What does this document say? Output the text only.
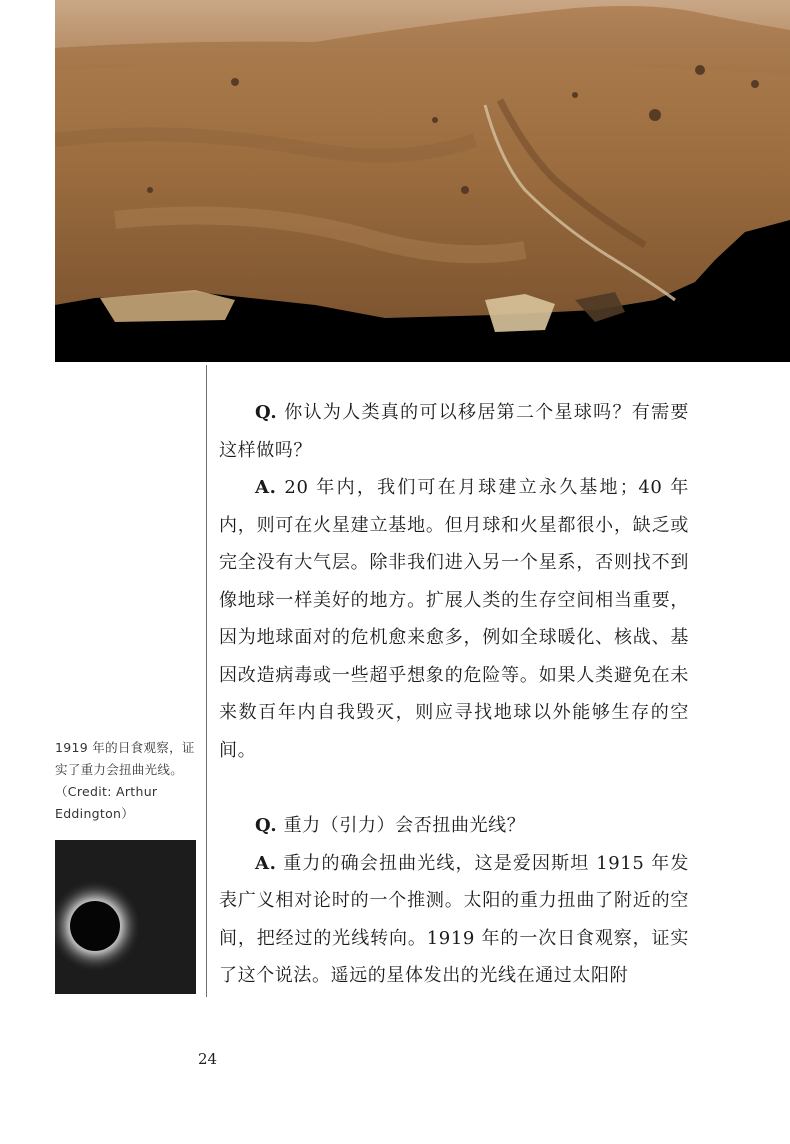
1919 年的日食观察，证实了重力会扭曲光线。（Credit: Arthur Eddington）

Q. 你认为人类真的可以移居第二个星球吗？有需要这样做吗？

A. 20 年内，我们可在月球建立永久基地；40 年内，则可在火星建立基地。但月球和火星都很小，缺乏或完全没有大气层。除非我们进入另一个星系，否则找不到像地球一样美好的地方。扩展人类的生存空间相当重要，因为地球面对的危机愈来愈多，例如全球暖化、核战、基因改造病毒或一些超乎想象的危险等。如果人类避免在未来数百年内自我毁灭，则应寻找地球以外能够生存的空间。

Q. 重力（引力）会否扭曲光线？

A. 重力的确会扭曲光线，这是爱因斯坦 1915 年发表广义相对论时的一个推测。太阳的重力扭曲了附近的空间，把经过的光线转向。1919 年的一次日食观察，证实了这个说法。遥远的星体发出的光线在通过太阳附

24
